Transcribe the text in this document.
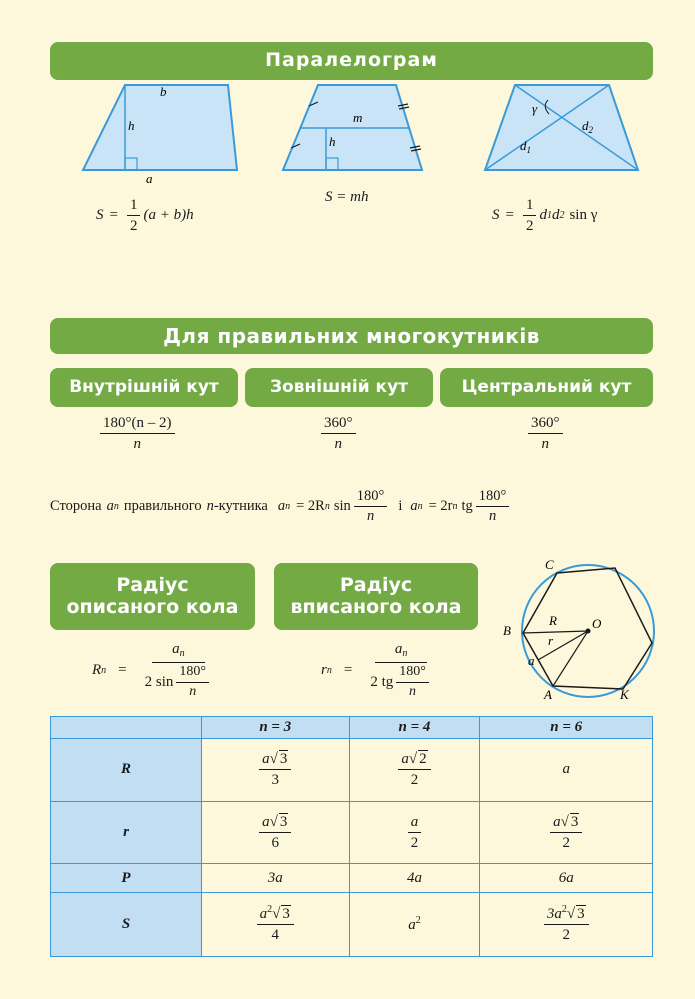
Паралелограм
b
h
a
m
h
γ
$d_2$
$d_1$
$S = \frac{1}{2} (a + b)h$
S = mh
$S = \frac{1}{2}$ d 1 d 2 sin γ
Для правильних многокутників
Внутрішній кут	Зовнішній кут	Центральний кут
$\frac{180^\circ(n - 2)}{n}$	$\frac{360^\circ}{n}$	$\frac{360^\circ}{n}$
Сторона a n правильного n -кутника a n = 2R n $\sin \frac{180^\circ}{n}$ і a n = 2r n tg $\frac{180^\circ}{n}$
Радіус
описаного кола
Радіус
вписаного кола
R $n = \frac{a_n}{2 \sin \frac{180^\circ}{n}}$	r $n = \frac{a_n}{2 tg \frac{180^\circ}{n}}$
C
B
R	O
r
a
A	K
	n = 3	n = 4	n = 6
R	$\frac{a√ 3}{3}$	$\frac{a√ 2}{2}$	a
r	$\frac{a√ 3}{6}$	$\frac{a}{2}$	$\frac{a√ 3}{2}$

P	3a	4a	6a
S	$\frac{a^2√ 3}{4}$	$a^2$	$\frac{3a^2√ 3}{2}$
